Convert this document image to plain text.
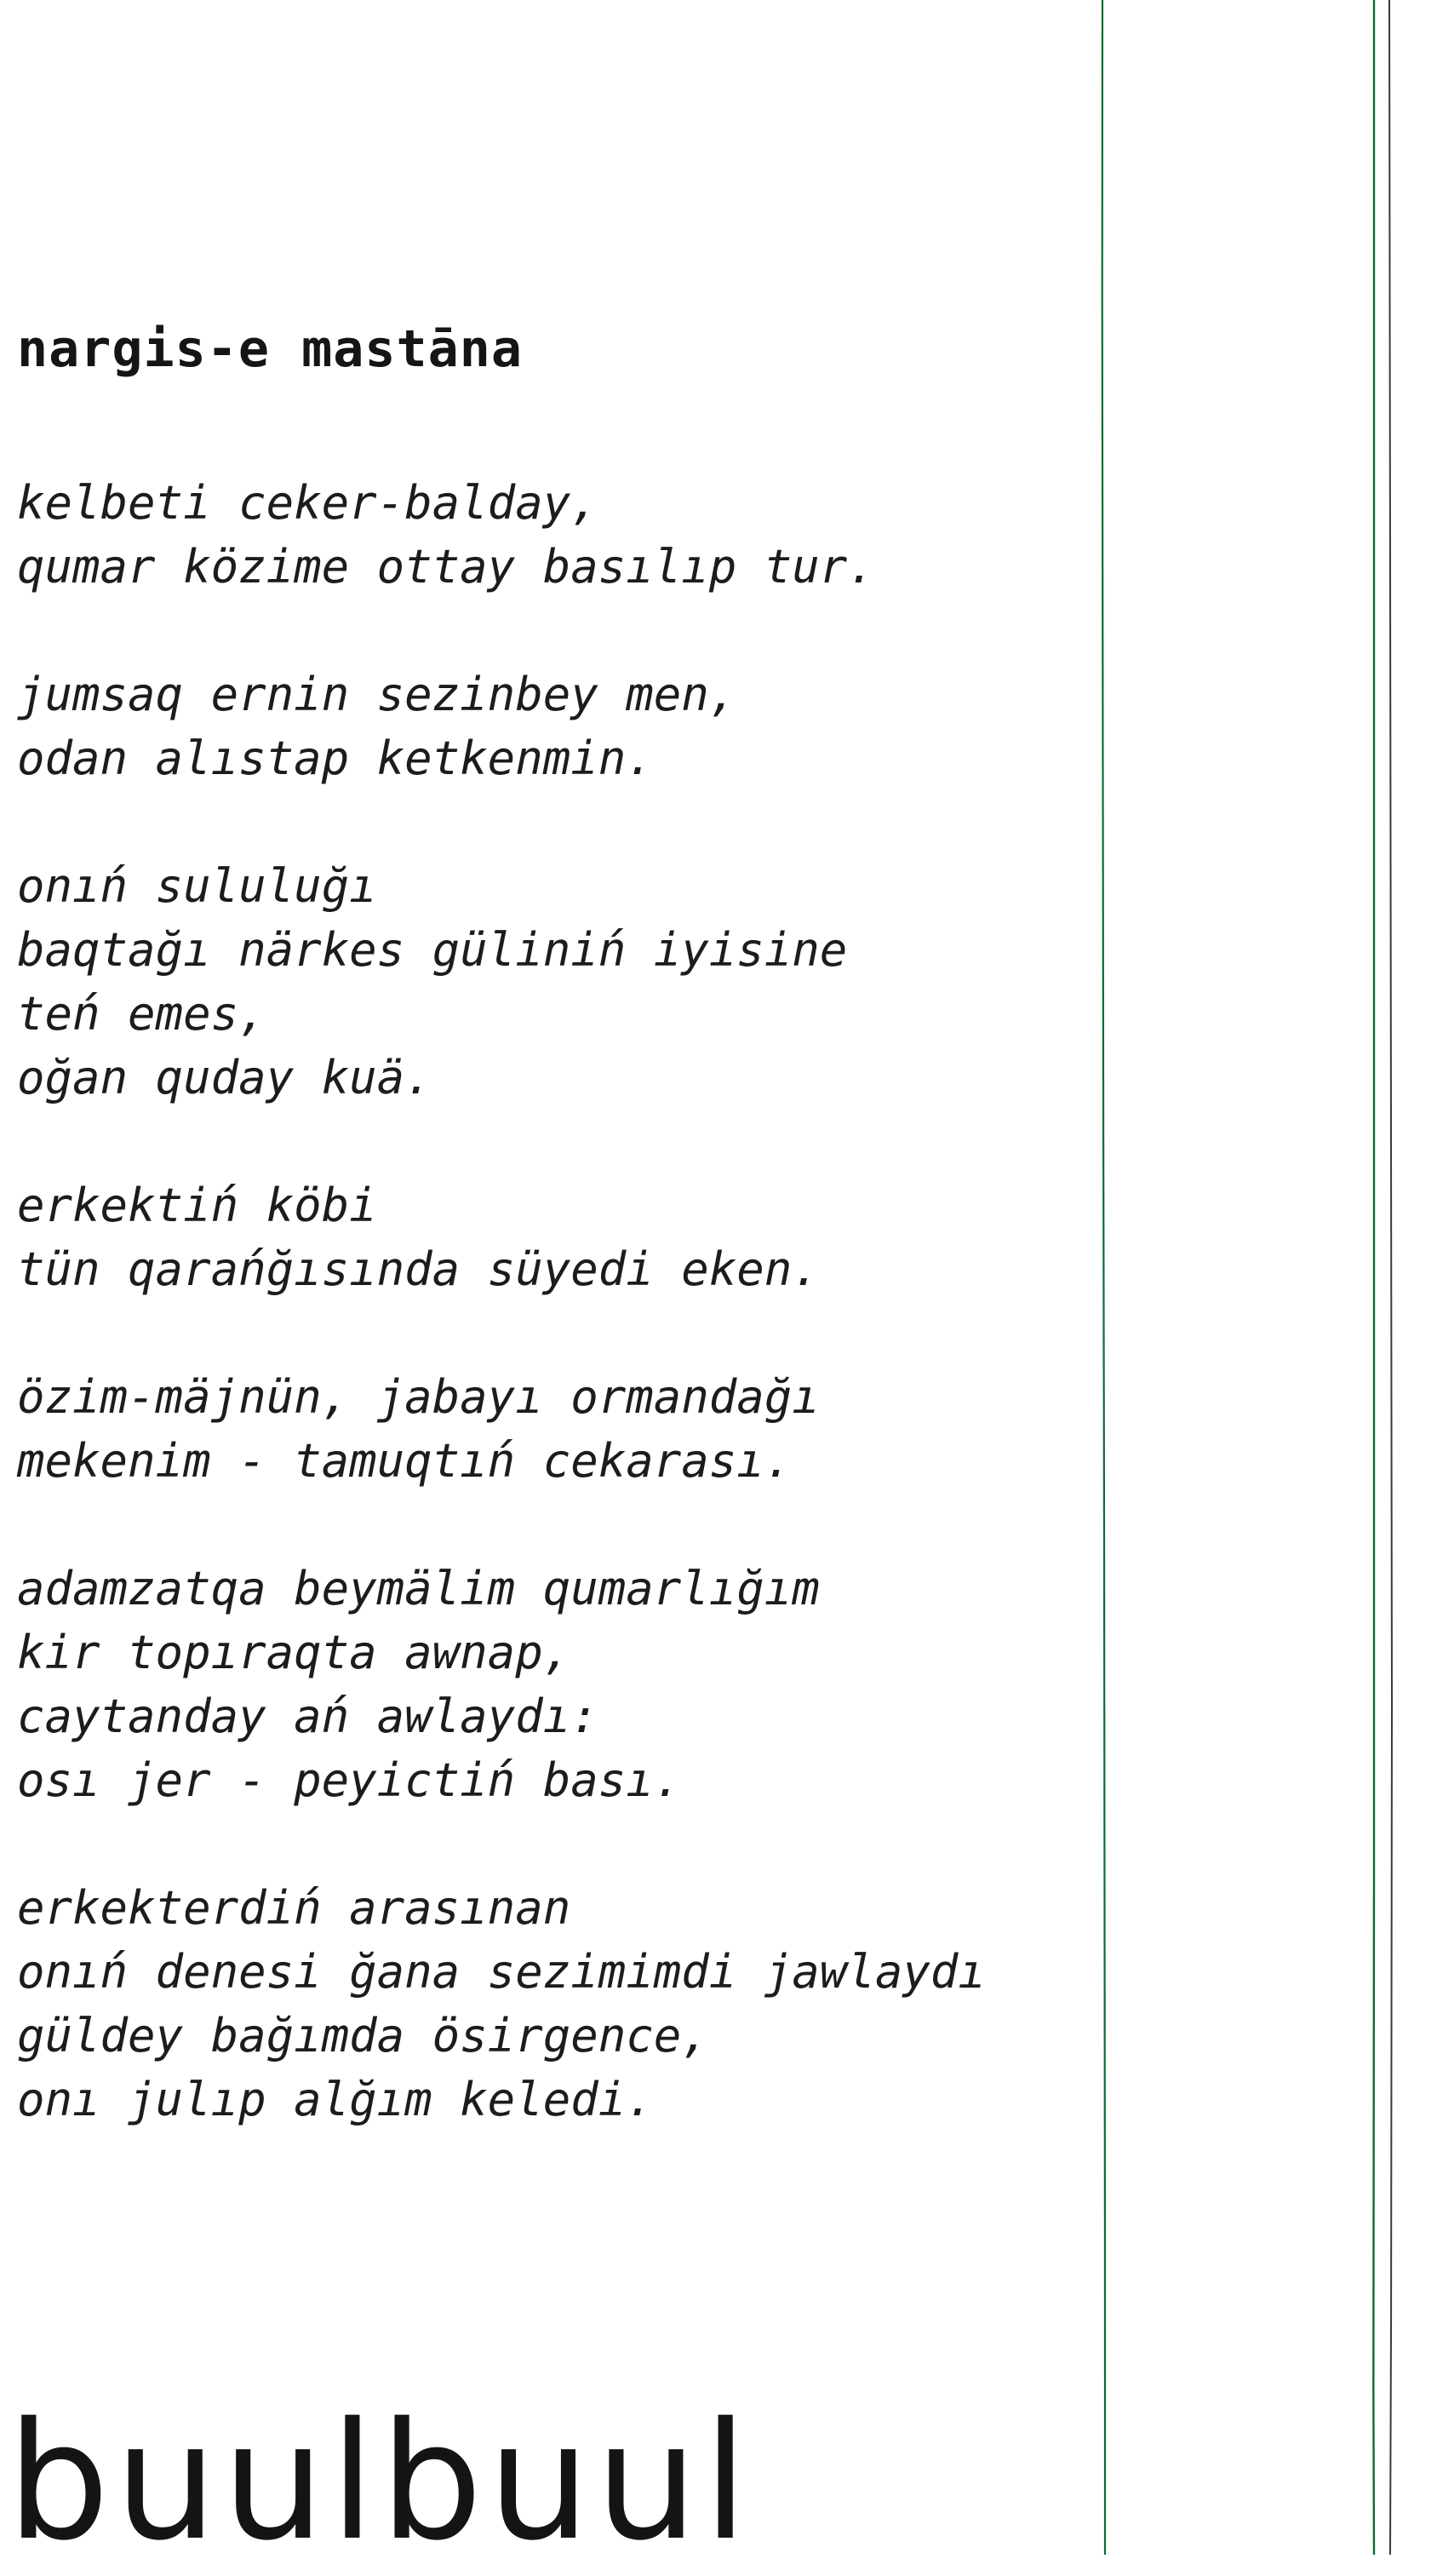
nargis-e mastāna
kelbeti ceker-balday,
qumar közime ottay basılıp tur.
jumsaq ernin sezinbey men,
odan alıstap ketkenmin.
onıń sululuğı
baqtağı närkes güliniń iyisine
teń emes,
oğan quday kuä.
erkektiń köbi
tün qarańğısında süyedi eken.
özim-mäjnün, jabayı ormandağı
mekenim - tamuqtıń cekarası.
adamzatqa beymälim qumarlığım
kir topıraqta awnap,
caytanday ań awlaydı:
osı jer - peyictiń bası.
erkekterdiń arasınan
onıń denesi ğana sezimimdi jawlaydı
güldey bağımda ösirgence,
onı julıp alğım keledi.
buulbuul
